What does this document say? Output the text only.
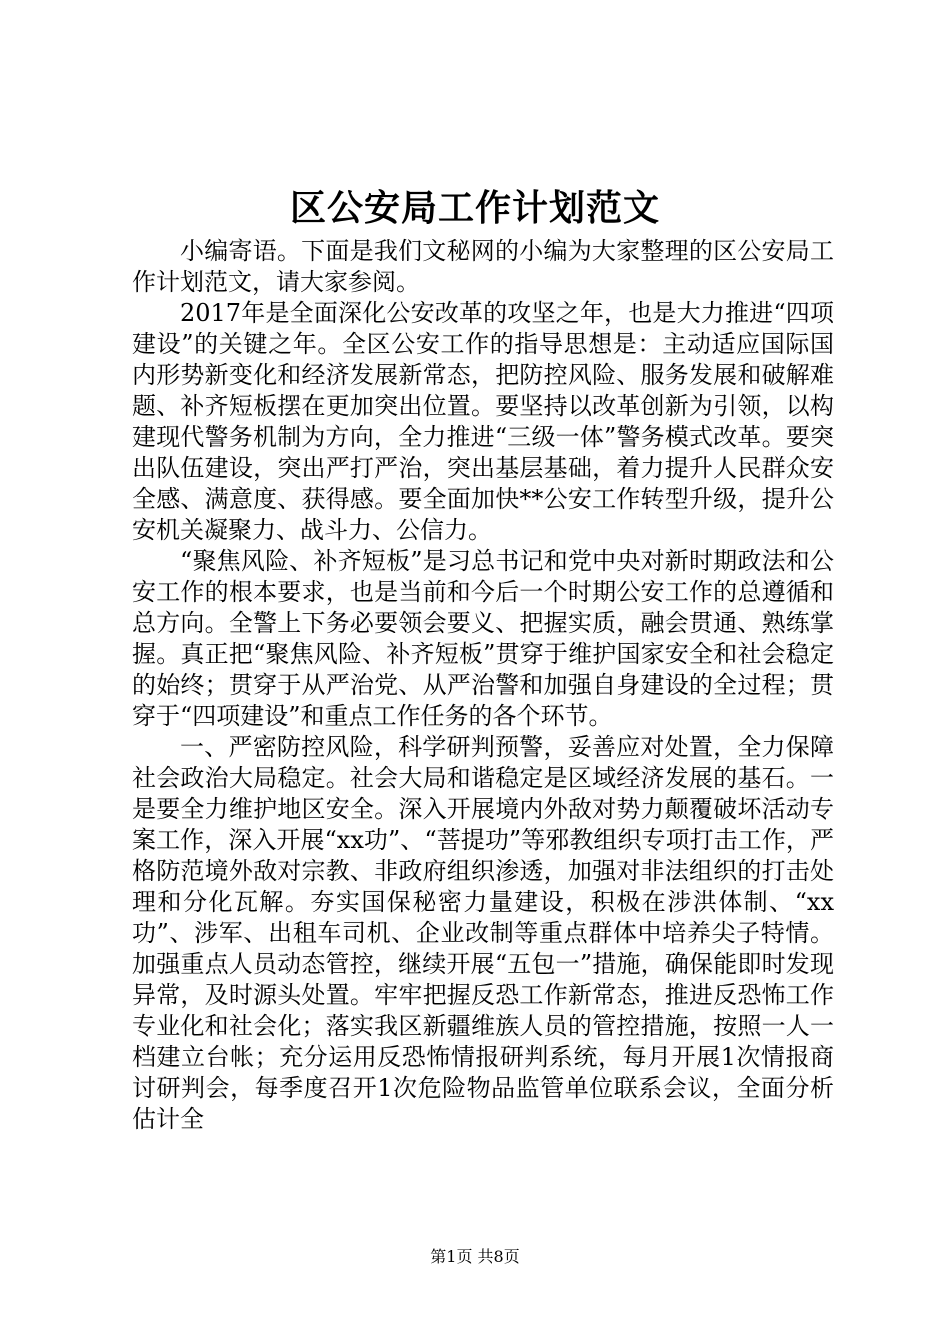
区公安局工作计划范文

小编寄语。下面是我们文秘网的小编为大家整理的区公安局工作计划范文，请大家参阅。

2017年是全面深化公安改革的攻坚之年，也是大力推进“四项建设”的关键之年。全区公安工作的指导思想是：主动适应国际国内形势新变化和经济发展新常态，把防控风险、服务发展和破解难题、补齐短板摆在更加突出位置。要坚持以改革创新为引领，以构建现代警务机制为方向，全力推进“三级一体”警务模式改革。要突出队伍建设，突出严打严治，突出基层基础，着力提升人民群众安全感、满意度、获得感。要全面加快**公安工作转型升级，提升公安机关凝聚力、战斗力、公信力。

“聚焦风险、补齐短板”是习总书记和党中央对新时期政法和公安工作的根本要求，也是当前和今后一个时期公安工作的总遵循和总方向。全警上下务必要领会要义、把握实质，融会贯通、熟练掌握。真正把“聚焦风险、补齐短板”贯穿于维护国家安全和社会稳定的始终；贯穿于从严治党、从严治警和加强自身建设的全过程；贯穿于“四项建设”和重点工作任务的各个环节。

一、严密防控风险，科学研判预警，妥善应对处置，全力保障社会政治大局稳定。社会大局和谐稳定是区域经济发展的基石。一是要全力维护地区安全。深入开展境内外敌对势力颠覆破坏活动专案工作，深入开展“xx功”、“菩提功”等邪教组织专项打击工作，严格防范境外敌对宗教、非政府组织渗透，加强对非法组织的打击处理和分化瓦解。夯实国保秘密力量建设，积极在涉洪体制、“xx功”、涉军、出租车司机、企业改制等重点群体中培养尖子特情。加强重点人员动态管控，继续开展“五包一”措施，确保能即时发现异常，及时源头处置。牢牢把握反恐工作新常态，推进反恐怖工作专业化和社会化；落实我区新疆维族人员的管控措施，按照一人一档建立台帐；充分运用反恐怖情报研判系统，每月开展1次情报商讨研判会，每季度召开1次危险物品监管单位联系会议，全面分析估计全

第1页 共8页
